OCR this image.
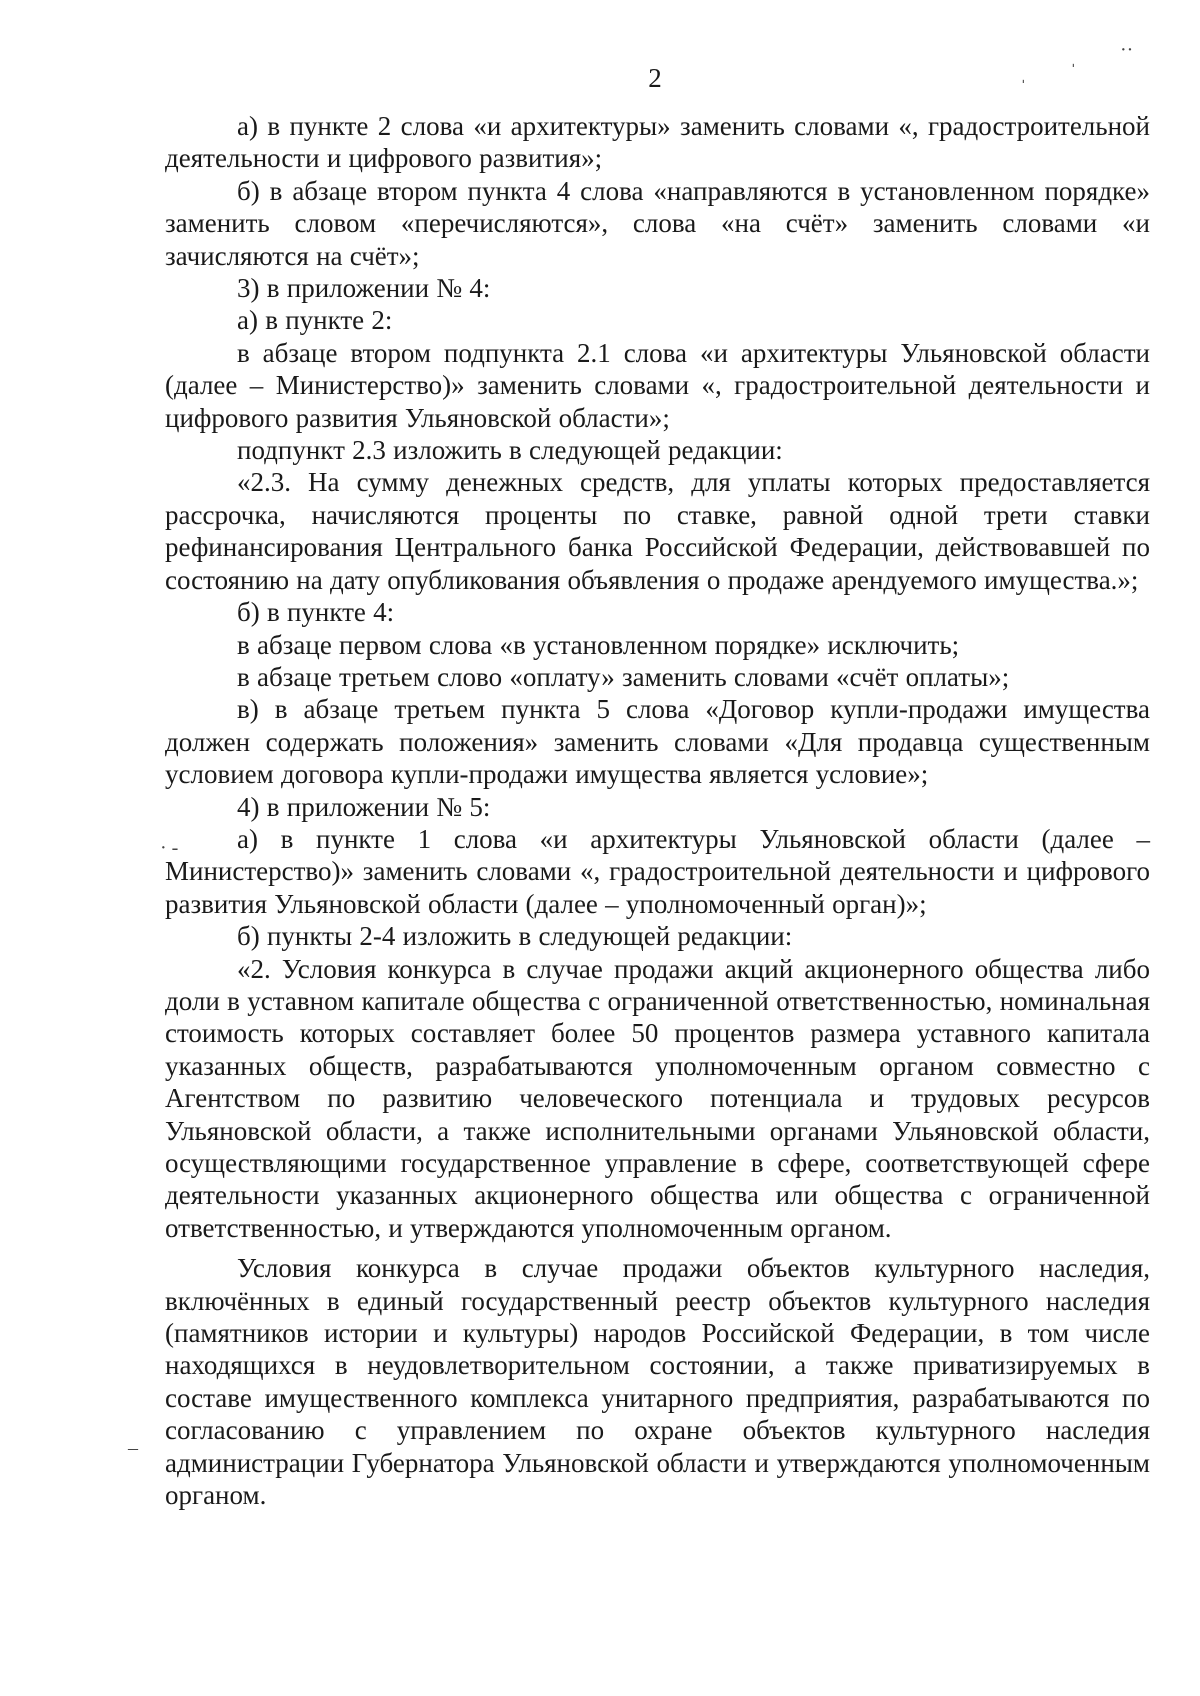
2	ˈ
ˈ
··
· -
–

а) в пункте 2 слова «и архитектуры» заменить словами «, градостроительной деятельности и цифрового развития»;

б) в абзаце втором пункта 4 слова «направляются в установленном порядке» заменить словом «перечисляются», слова «на счёт» заменить словами «и зачисляются на счёт»;

3) в приложении № 4:

а) в пункте 2:

в абзаце втором подпункта 2.1 слова «и архитектуры Ульяновской области (далее – Министерство)» заменить словами «, градостроительной деятельности и цифрового развития Ульяновской области»;

подпункт 2.3 изложить в следующей редакции:

«2.3. На сумму денежных средств, для уплаты которых предоставляется рассрочка, начисляются проценты по ставке, равной одной трети ставки рефинансирования Центрального банка Российской Федерации, действовавшей по состоянию на дату опубликования объявления о продаже арендуемого имущества.»;

б) в пункте 4:

в абзаце первом слова «в установленном порядке» исключить;

в абзаце третьем слово «оплату» заменить словами «счёт оплаты»;

в) в абзаце третьем пункта 5 слова «Договор купли-продажи имущества должен содержать положения» заменить словами «Для продавца существенным условием договора купли-продажи имущества является условие»;

4) в приложении № 5:

а) в пункте 1 слова «и архитектуры Ульяновской области (далее – Министерство)» заменить словами «, градостроительной деятельности и цифрового развития Ульяновской области (далее – уполномоченный орган)»;

б) пункты 2-4 изложить в следующей редакции:

«2. Условия конкурса в случае продажи акций акционерного общества либо доли в уставном капитале общества с ограниченной ответственностью, номинальная стоимость которых составляет более 50 процентов размера уставного капитала указанных обществ, разрабатываются уполномоченным органом совместно с Агентством по развитию человеческого потенциала и трудовых ресурсов Ульяновской области, а также исполнительными органами Ульяновской области, осуществляющими государственное управление в сфере, соответствующей сфере деятельности указанных акционерного общества или общества с ограниченной ответственностью, и утверждаются уполномоченным органом.

Условия конкурса в случае продажи объектов культурного наследия, включённых в единый государственный реестр объектов культурного наследия (памятников истории и культуры) народов Российской Федерации, в том числе находящихся в неудовлетворительном состоянии, а также приватизируемых в составе имущественного комплекса унитарного предприятия, разрабатываются по согласованию с управлением по охране объектов культурного наследия администрации Губернатора Ульяновской области и утверждаются уполномоченным органом.
